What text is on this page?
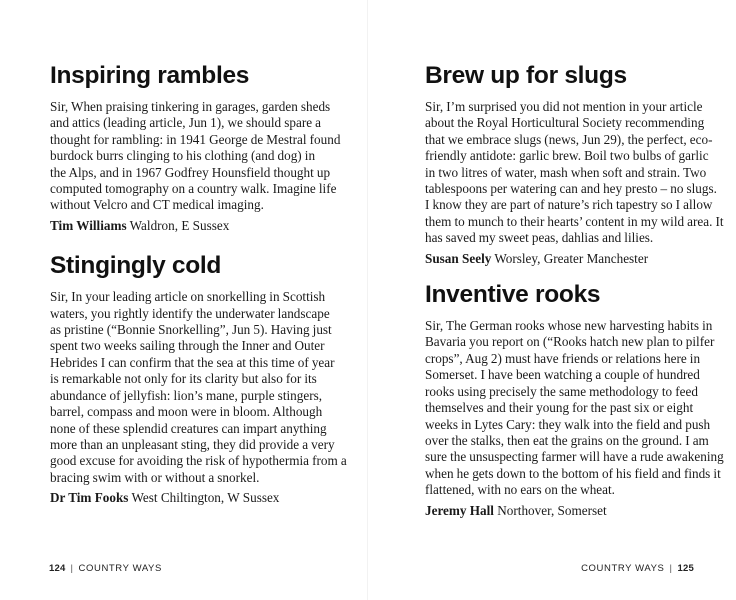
Inspiring rambles

Sir, When praising tinkering in garages, garden sheds
and attics (leading article, Jun 1), we should spare a
thought for rambling: in 1941 George de Mestral found
burdock burrs clinging to his clothing (and dog) in
the Alps, and in 1967 Godfrey Hounsfield thought up
computed tomography on a country walk. Imagine life
without Velcro and CT medical imaging.

Tim Williams Waldron, E Sussex

Stingingly cold

Sir, In your leading article on snorkelling in Scottish
waters, you rightly identify the underwater landscape
as pristine (“Bonnie Snorkelling”, Jun 5). Having just
spent two weeks sailing through the Inner and Outer
Hebrides I can confirm that the sea at this time of year
is remarkable not only for its clarity but also for its
abundance of jellyfish: lion’s mane, purple stingers,
barrel, compass and moon were in bloom. Although
none of these splendid creatures can impart anything
more than an unpleasant sting, they did provide a very
good excuse for avoiding the risk of hypothermia from a
bracing swim with or without a snorkel.

Dr Tim Fooks West Chiltington, W Sussex

Brew up for slugs

Sir, I’m surprised you did not mention in your article
about the Royal Horticultural Society recommending
that we embrace slugs (news, Jun 29), the perfect, eco-
friendly antidote: garlic brew. Boil two bulbs of garlic
in two litres of water, mash when soft and strain. Two
tablespoons per watering can and hey presto – no slugs.
I know they are part of nature’s rich tapestry so I allow
them to munch to their hearts’ content in my wild area. It
has saved my sweet peas, dahlias and lilies.

Susan Seely Worsley, Greater Manchester

Inventive rooks

Sir, The German rooks whose new harvesting habits in
Bavaria you report on (“Rooks hatch new plan to pilfer
crops”, Aug 2) must have friends or relations here in
Somerset. I have been watching a couple of hundred
rooks using precisely the same methodology to feed
themselves and their young for the past six or eight
weeks in Lytes Cary: they walk into the field and push
over the stalks, then eat the grains on the ground. I am
sure the unsuspecting farmer will have a rude awakening
when he gets down to the bottom of his field and finds it
flattened, with no ears on the wheat.

Jeremy Hall Northover, Somerset

124 | COUNTRY WAYS	COUNTRY WAYS | 125
